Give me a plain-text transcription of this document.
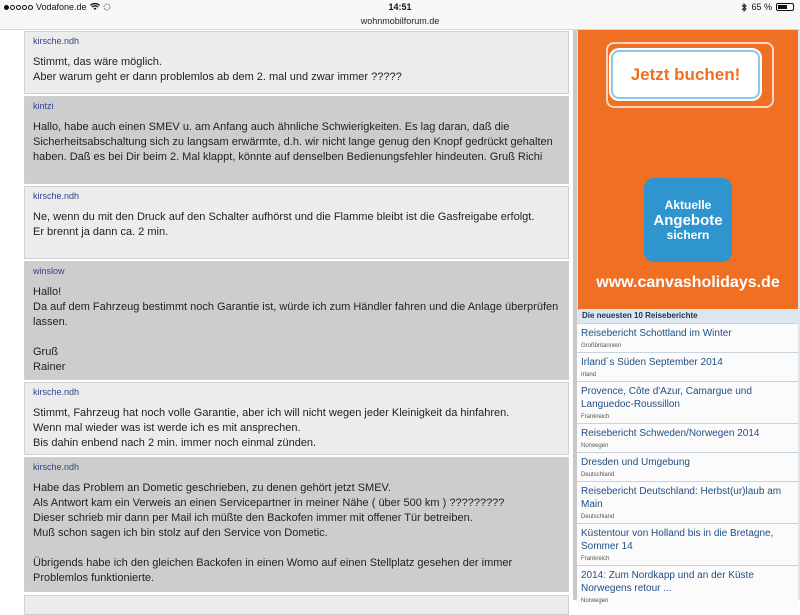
Vodafone.de	14:51	65 %
wohnmobilforum.de
kirsche.ndh

Stimmt, das wäre möglich.

Aber warum geht er dann problemlos ab dem 2. mal und zwar immer ?????

kintzi

Hallo, habe auch einen SMEV u. am Anfang auch ähnliche Schwierigkeiten. Es lag daran, daß die Sicherheitsabschaltung sich zu langsam erwärmte, d.h. wir nicht lange genug den Knopf gedrückt gehalten haben. Daß es bei Dir beim 2. Mal klappt, könnte auf denselben Bedienungsfehler hindeuten. Gruß Richi

kirsche.ndh

Ne, wenn du mit den Druck auf den Schalter aufhörst und die Flamme bleibt ist die Gasfreigabe erfolgt.

Er brennt ja dann ca. 2 min.

winslow

Hallo!

Da auf dem Fahrzeug bestimmt noch Garantie ist, würde ich zum Händler fahren und die Anlage überprüfen lassen.

Gruß

Rainer

kirsche.ndh

Stimmt, Fahrzeug hat noch volle Garantie, aber ich will nicht wegen jeder Kleinigkeit da hinfahren.

Wenn mal wieder was ist werde ich es mit ansprechen.

Bis dahin enbend nach 2 min. immer noch einmal zünden.

kirsche.ndh

Habe das Problem an Dometic geschrieben, zu denen gehört jetzt SMEV.

Als Antwort kam ein Verweis an einen Servicepartner in meiner Nähe ( über 500 km ) ?????????

Dieser schrieb mir dann per Mail ich müßte den Backofen immer mit offener Tür betreiben.

Muß schon sagen ich bin stolz auf den Service von Dometic.

Übrigends habe ich den gleichen Backofen in einen Womo auf einen Stellplatz gesehen der immer Problemlos funktionierte.

Jetzt buchen!
Aktuelle
Angebote
sichern
www.canvasholidays.de
Die neuesten 10 Reiseberichte
Reisebericht Schottland im Winter
Großbritannien
Irland´s Süden September 2014
Irland
Provence, Côte d'Azur, Camargue und Languedoc-Roussillon
Frankreich
Reisebericht Schweden/Norwegen 2014
Norwegen
Dresden und Umgebung
Deutschland
Reisebericht Deutschland: Herbst(ur)laub am Main
Deutschland
Küstentour von Holland bis in die Bretagne, Sommer 14
Frankreich
2014: Zum Nordkapp und an der Küste Norwegens retour ...
Norwegen
